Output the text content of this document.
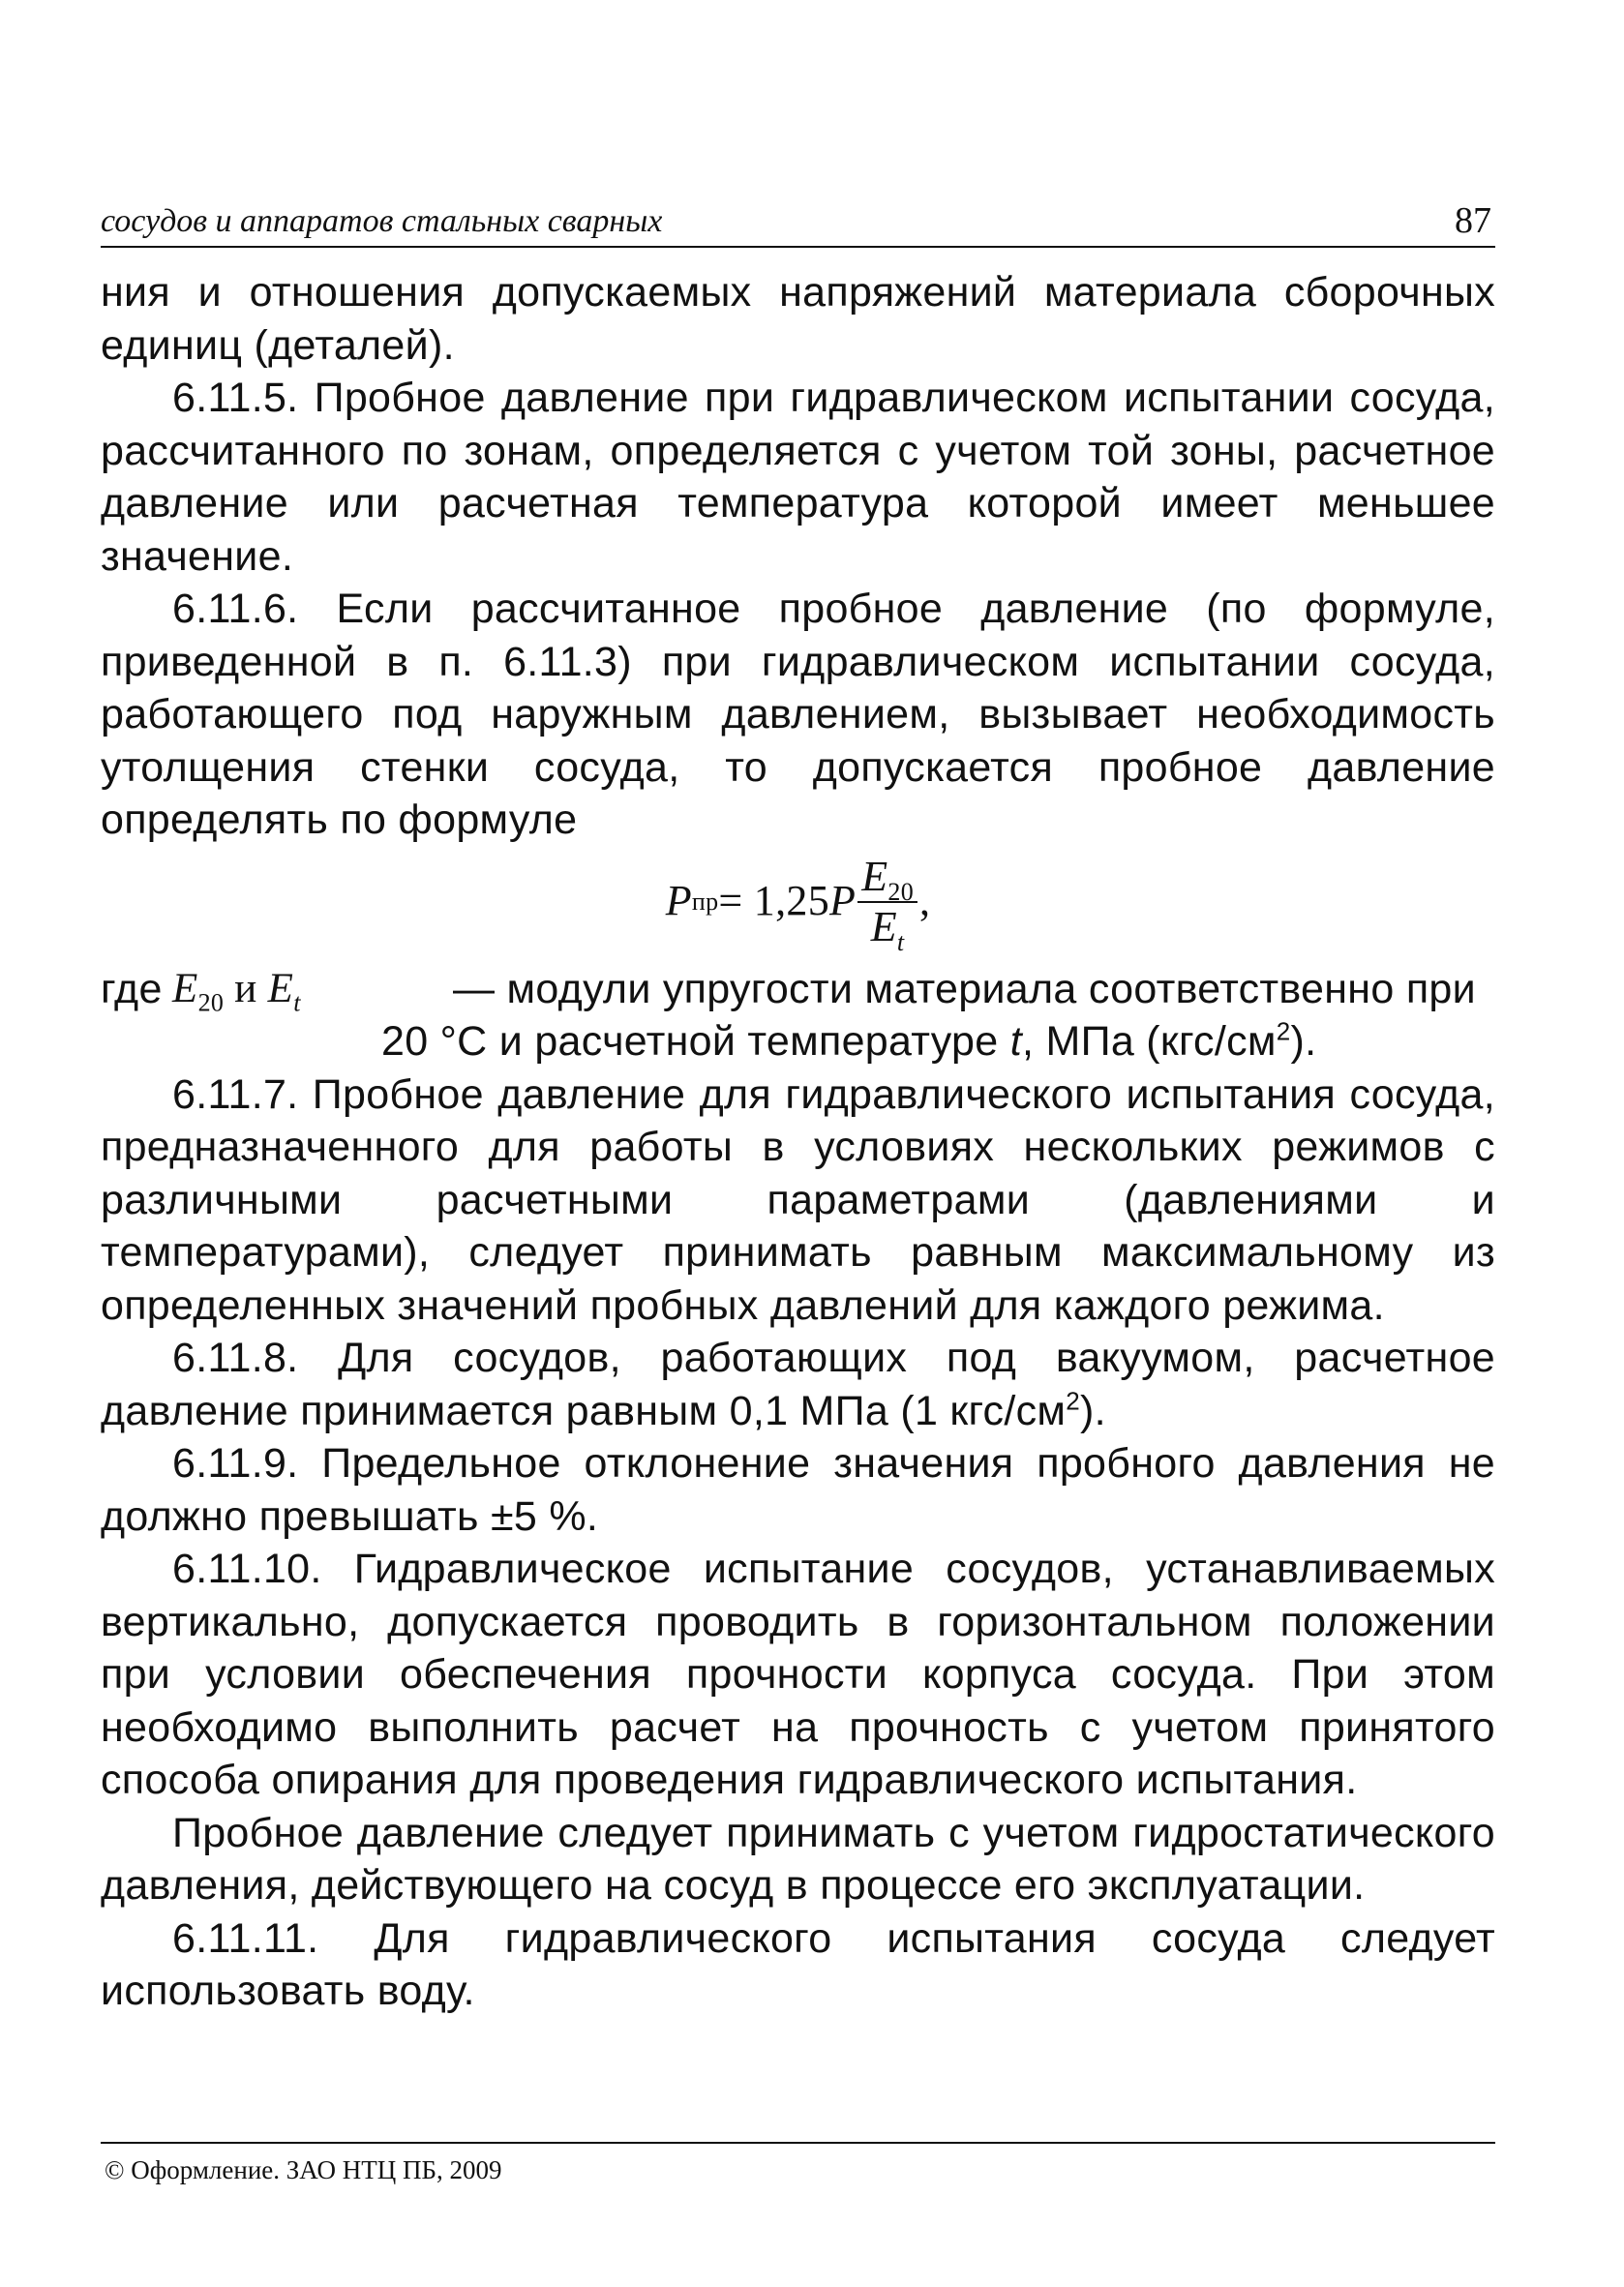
сосудов и аппаратов стальных сварных	87

ния и отношения допускаемых напряжений материала сборочных единиц (деталей).

6.11.5. Пробное давление при гидравлическом испытании сосуда, рассчитанного по зонам, определяется с учетом той зоны, расчетное давление или расчетная температура которой имеет меньшее значение.

6.11.6. Если рассчитанное пробное давление (по формуле, приведенной в п. 6.11.3) при гидравлическом испытании сосуда, работающего под наружным давлением, вызывает необходимость утолщения стенки сосуда, то допускается пробное давление определять по формуле

P пр = 1,25 P $\frac{E_{20}}{E_t}$ ,
где $E_{20}$ и $E_t$	— модули упругости материала соответственно при

20 °С и расчетной температуре t, МПа $(кгс/см^2)$.

6.11.7. Пробное давление для гидравлического испытания сосуда, предназначенного для работы в условиях нескольких режимов с различными расчетными параметрами (давлениями и температурами), следует принимать равным максимальному из определенных значений пробных давлений для каждого режима.

6.11.8. Для сосудов, работающих под вакуумом, расчетное давление принимается равным 0,1 МПа (1 кгс/$см^2$).

6.11.9. Предельное отклонение значения пробного давления не должно превышать ±5 %.

6.11.10. Гидравлическое испытание сосудов, устанавливаемых вертикально, допускается проводить в горизонтальном положении при условии обеспечения прочности корпуса сосуда. При этом необходимо выполнить расчет на прочность с учетом принятого способа опирания для проведения гидравлического испытания.

Пробное давление следует принимать с учетом гидростатического давления, действующего на сосуд в процессе его эксплуатации.

6.11.11. Для гидравлического испытания сосуда следует использовать воду.

© Оформление. ЗАО НТЦ ПБ, 2009
